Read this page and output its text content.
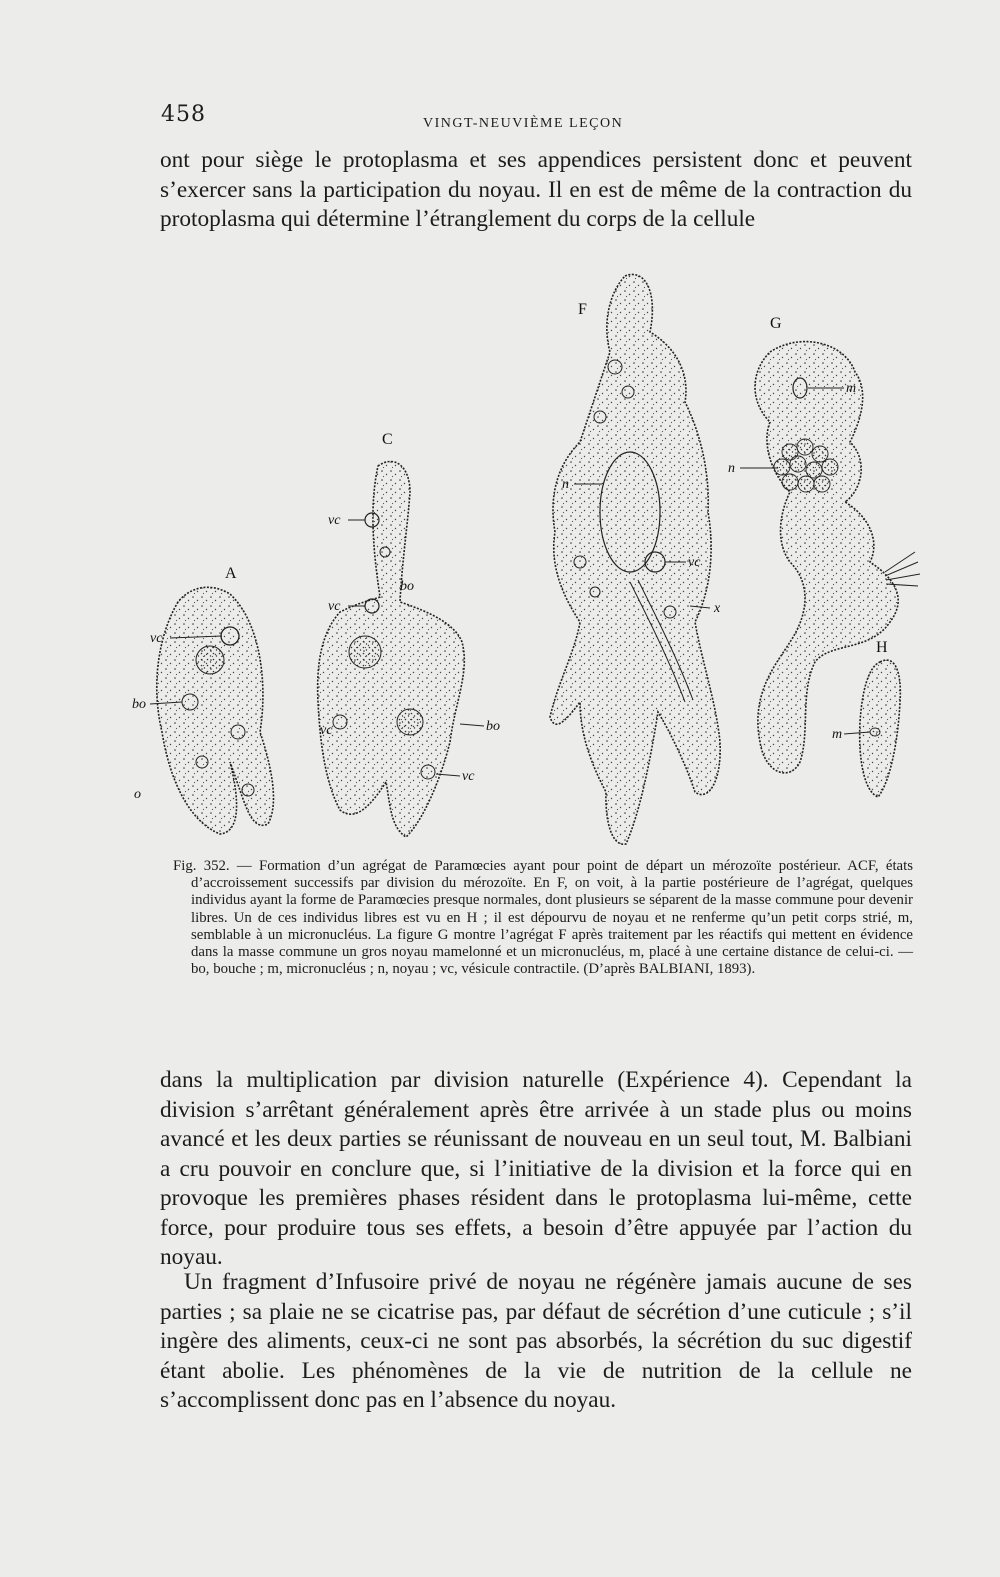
458	VINGT-NEUVIÈME LEÇON

ont pour siège le protoplasma et ses appendices persistent donc et peuvent s’exercer sans la participation du noyau. Il en est de même de la contraction du protoplasma qui détermine l’étranglement du corps de la cellule

A
vc
bo
o
C
vc
vc
bo
vc	bo
vc
F
n
vc
x
G
m
n
H
m

Fig. 352. — Formation d’un agrégat de Paramœcies ayant pour point de départ un mérozoïte postérieur. ACF, états d’accroissement successifs par division du mérozoïte. En F, on voit, à la partie postérieure de l’agrégat, quelques individus ayant la forme de Paramœcies presque normales, dont plusieurs se séparent de la masse commune pour devenir libres. Un de ces individus libres est vu en H ; il est dépourvu de noyau et ne renferme qu’un petit corps strié, m, semblable à un micronucléus. La figure G montre l’agrégat F après traitement par les réactifs qui mettent en évidence dans la masse commune un gros noyau mamelonné et un micronucléus, m, placé à une certaine distance de celui-ci. — bo, bouche ; m, micronucléus ; n, noyau ; vc, vésicule contractile. (D’après BALBIANI, 1893).

dans la multiplication par division naturelle (Expérience 4). Cependant la division s’arrêtant généralement après être arrivée à un stade plus ou moins avancé et les deux parties se réunissant de nouveau en un seul tout, M. Balbiani a cru pouvoir en conclure que, si l’initiative de la division et la force qui en provoque les premières phases résident dans le protoplasma lui-même, cette force, pour produire tous ses effets, a besoin d’être appuyée par l’action du noyau.

Un fragment d’Infusoire privé de noyau ne régénère jamais aucune de ses parties ; sa plaie ne se cicatrise pas, par défaut de sécrétion d’une cuticule ; s’il ingère des aliments, ceux-ci ne sont pas absorbés, la sécrétion du suc digestif étant abolie. Les phénomènes de la vie de nutrition de la cellule ne s’accomplissent donc pas en l’absence du noyau.
